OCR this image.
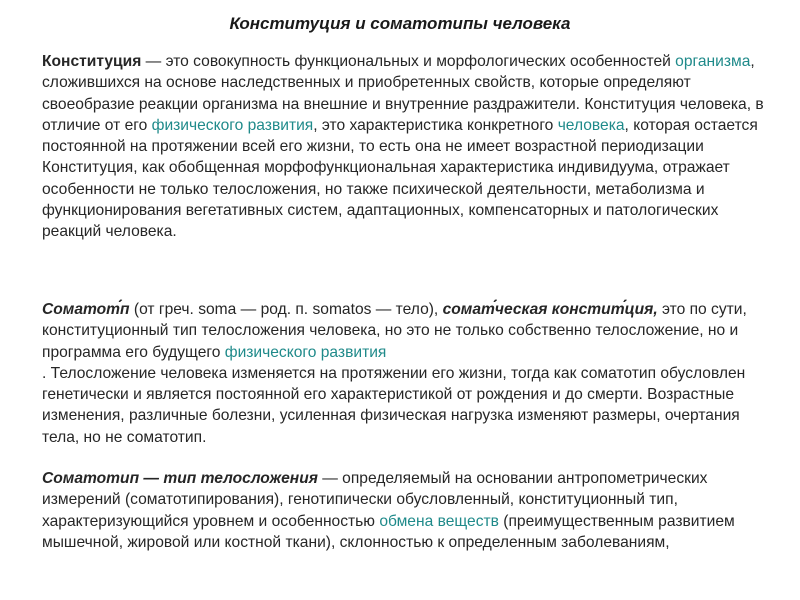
Конституция и соматотипы человека
Конституция — это совокупность функциональных и морфологических особенностей организма, сложившихся на основе наследственных и приобретенных свойств, которые определяют своеобразие реакции организма на внешние и внутренние раздражители. Конституция человека, в отличие от его физического развития, это характеристика конкретного человека, которая остается постоянной на протяжении всей его жизни, то есть она не имеет возрастной периодизации Конституция, как обобщенная морфофункциональная характеристика индивидуума, отражает особенности не только телосложения, но также психической деятельности, метаболизма и функционирования вегетативных систем, адаптационных, компенсаторных и патологических реакций человека.
Соматот́́п (от греч. soma — род. п. somatos — тело), сомат́́ческая констит́́ция, это по сути, конституционный тип телосложения человека, но это не только собственно телосложение, но и программа его будущего физического развития
. Телосложение человека изменяется на протяжении его жизни, тогда как соматотип обусловлен генетически и является постоянной его характеристикой от рождения и до смерти. Возрастные изменения, различные болезни, усиленная физическая нагрузка изменяют размеры, очертания тела, но не соматотип.
Соматотип — тип телосложения — определяемый на основании антропометрических измерений (соматотипирования), генотипически обусловленный, конституционный тип, характеризующийся уровнем и особенностью обмена веществ (преимущественным развитием мышечной, жировой или костной ткани), склонностью к определенным заболеваниям,
